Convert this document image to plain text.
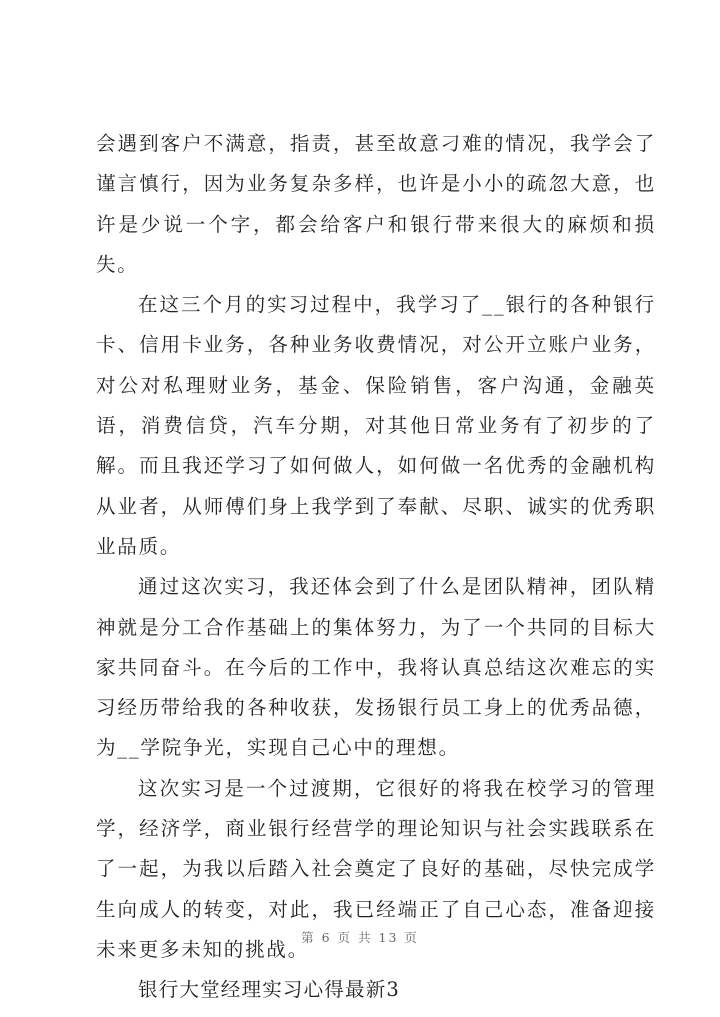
会遇到客户不满意，指责，甚至故意刁难的情况，我学会了谨言慎行，因为业务复杂多样，也许是小小的疏忽大意，也许是少说一个字，都会给客户和银行带来很大的麻烦和损失。

在这三个月的实习过程中，我学习了__银行的各种银行卡、信用卡业务，各种业务收费情况，对公开立账户业务，对公对私理财业务，基金、保险销售，客户沟通，金融英语，消费信贷，汽车分期，对其他日常业务有了初步的了解。而且我还学习了如何做人，如何做一名优秀的金融机构从业者，从师傅们身上我学到了奉献、尽职、诚实的优秀职业品质。

通过这次实习，我还体会到了什么是团队精神，团队精神就是分工合作基础上的集体努力，为了一个共同的目标大家共同奋斗。在今后的工作中，我将认真总结这次难忘的实习经历带给我的各种收获，发扬银行员工身上的优秀品德，为__学院争光，实现自己心中的理想。

这次实习是一个过渡期，它很好的将我在校学习的管理学，经济学，商业银行经营学的理论知识与社会实践联系在了一起，为我以后踏入社会奠定了良好的基础，尽快完成学生向成人的转变，对此，我已经端正了自己心态，准备迎接未来更多未知的挑战。

银行大堂经理实习心得最新3

第 6 页 共 13 页
